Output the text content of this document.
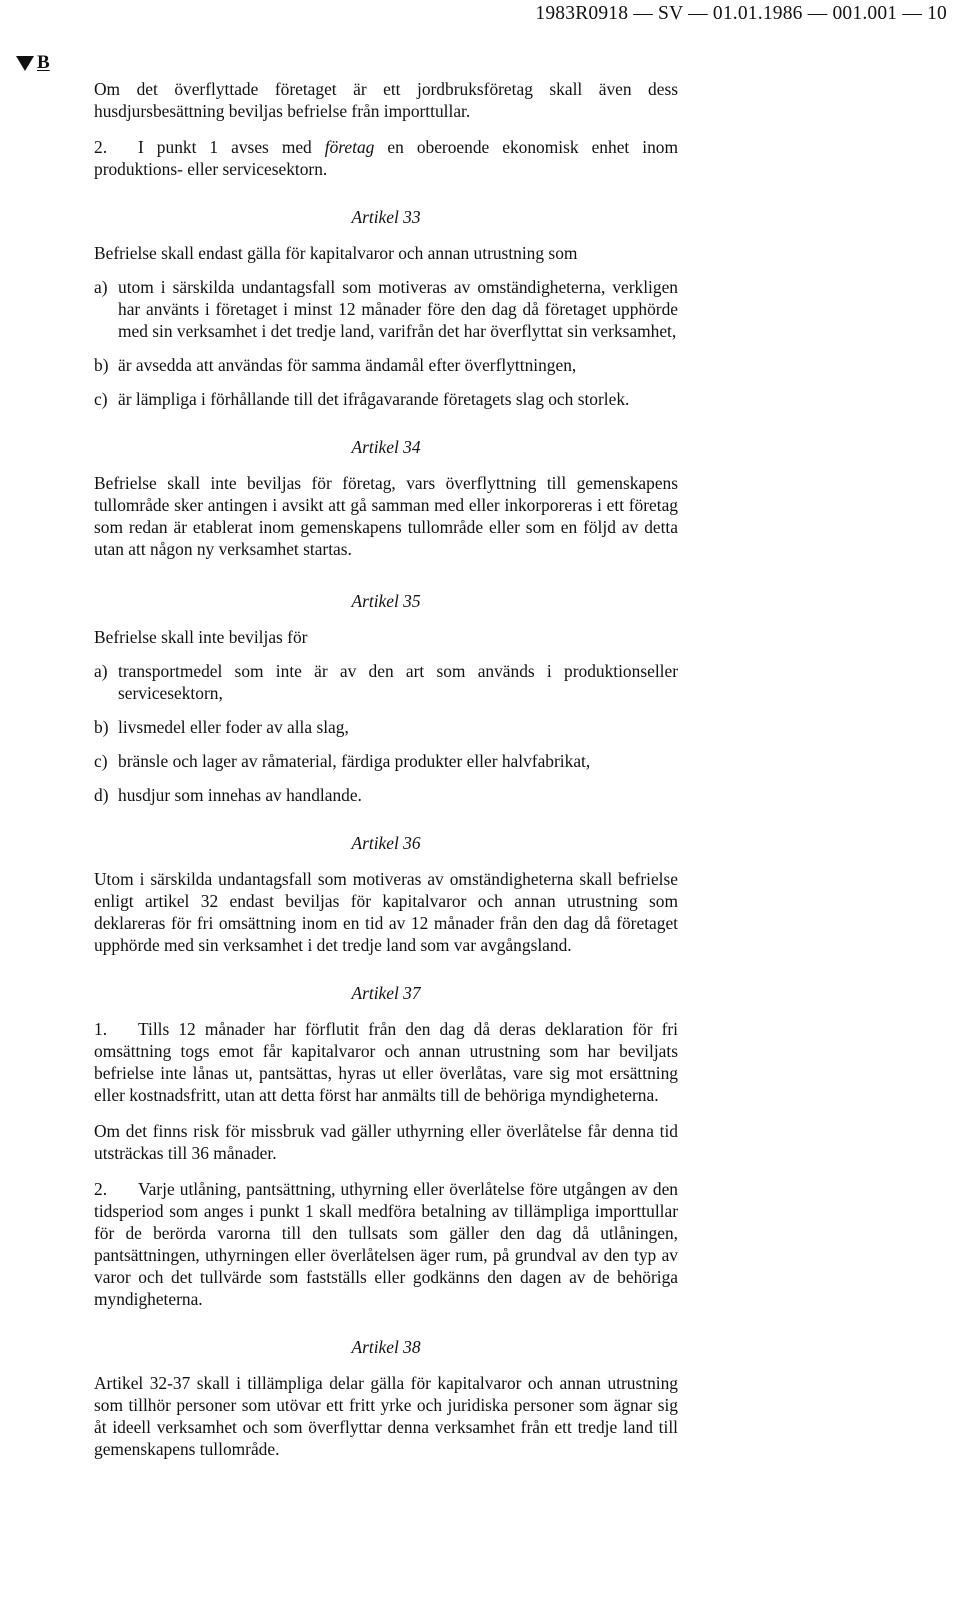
1983R0918 — SV — 01.01.1986 — 001.001 — 10
B

Om det överflyttade företaget är ett jordbruksföretag skall även dess husdjursbesättning beviljas befrielse från importtullar.

2. I punkt 1 avses med företag en oberoende ekonomisk enhet inom produktions- eller servicesektorn.

Artikel 33

Befrielse skall endast gälla för kapitalvaror och annan utrustning som

a) utom i särskilda undantagsfall som motiveras av omständigheterna, verkligen har använts i företaget i minst 12 månader före den dag då företaget upphörde med sin verksamhet i det tredje land, varifrån det har överflyttat sin verksamhet,
b) är avsedda att användas för samma ändamål efter överflyttningen,
c) är lämpliga i förhållande till det ifrågavarande företagets slag och storlek.
Artikel 34

Befrielse skall inte beviljas för företag, vars överflyttning till gemenskapens tullområde sker antingen i avsikt att gå samman med eller inkorporeras i ett företag som redan är etablerat inom gemenskapens tullområde eller som en följd av detta utan att någon ny verksamhet startas.

Artikel 35

Befrielse skall inte beviljas för

a) transportmedel som inte är av den art som används i produktionseller servicesektorn,
b) livsmedel eller foder av alla slag,
c) bränsle och lager av råmaterial, färdiga produkter eller halvfabrikat,
d) husdjur som innehas av handlande.
Artikel 36

Utom i särskilda undantagsfall som motiveras av omständigheterna skall befrielse enligt artikel 32 endast beviljas för kapitalvaror och annan utrustning som deklareras för fri omsättning inom en tid av 12 månader från den dag då företaget upphörde med sin verksamhet i det tredje land som var avgångsland.

Artikel 37

1. Tills 12 månader har förflutit från den dag då deras deklaration för fri omsättning togs emot får kapitalvaror och annan utrustning som har beviljats befrielse inte lånas ut, pantsättas, hyras ut eller överlåtas, vare sig mot ersättning eller kostnadsfritt, utan att detta först har anmälts till de behöriga myndigheterna.

Om det finns risk för missbruk vad gäller uthyrning eller överlåtelse får denna tid utsträckas till 36 månader.

2. Varje utlåning, pantsättning, uthyrning eller överlåtelse före utgången av den tidsperiod som anges i punkt 1 skall medföra betalning av tillämpliga importtullar för de berörda varorna till den tullsats som gäller den dag då utlåningen, pantsättningen, uthyrningen eller överlåtelsen äger rum, på grundval av den typ av varor och det tullvärde som fastställs eller godkänns den dagen av de behöriga myndigheterna.

Artikel 38

Artikel 32-37 skall i tillämpliga delar gälla för kapitalvaror och annan utrustning som tillhör personer som utövar ett fritt yrke och juridiska personer som ägnar sig åt ideell verksamhet och som överflyttar denna verksamhet från ett tredje land till gemenskapens tullområde.
